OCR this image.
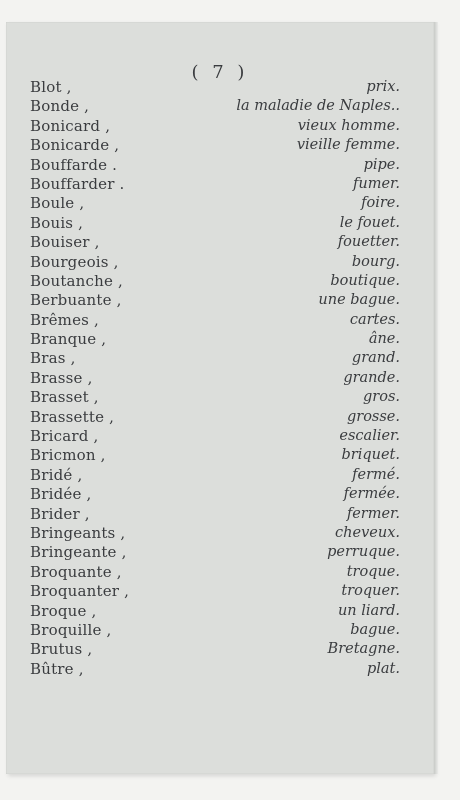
( 7 )
Blot ,	prix.
Bonde ,	la maladie de Naples..
Bonicard ,	vieux homme.
Bonicarde ,	vieille femme.
Bouffarde .	pipe.
Bouffarder .	fumer.
Boule ,	foire.
Bouis ,	le fouet.
Bouiser ,	fouetter.
Bourgeois ,	bourg.
Boutanche ,	boutique.
Berbuante ,	une bague.
Brêmes ,	cartes.
Branque ,	âne.
Bras ,	grand.
Brasse ,	grande.
Brasset ,	gros.
Brassette ,	grosse.
Bricard ,	escalier.
Bricmon ,	briquet.
Bridé ,	fermé.
Bridée ,	fermée.
Brider ,	fermer.
Bringeants ,	cheveux.
Bringeante ,	perruque.
Broquante ,	troque.
Broquanter ,	troquer.
Broque ,	un liard.
Broquille ,	bague.
Brutus ,	Bretagne.
Bûtre ,	plat.
